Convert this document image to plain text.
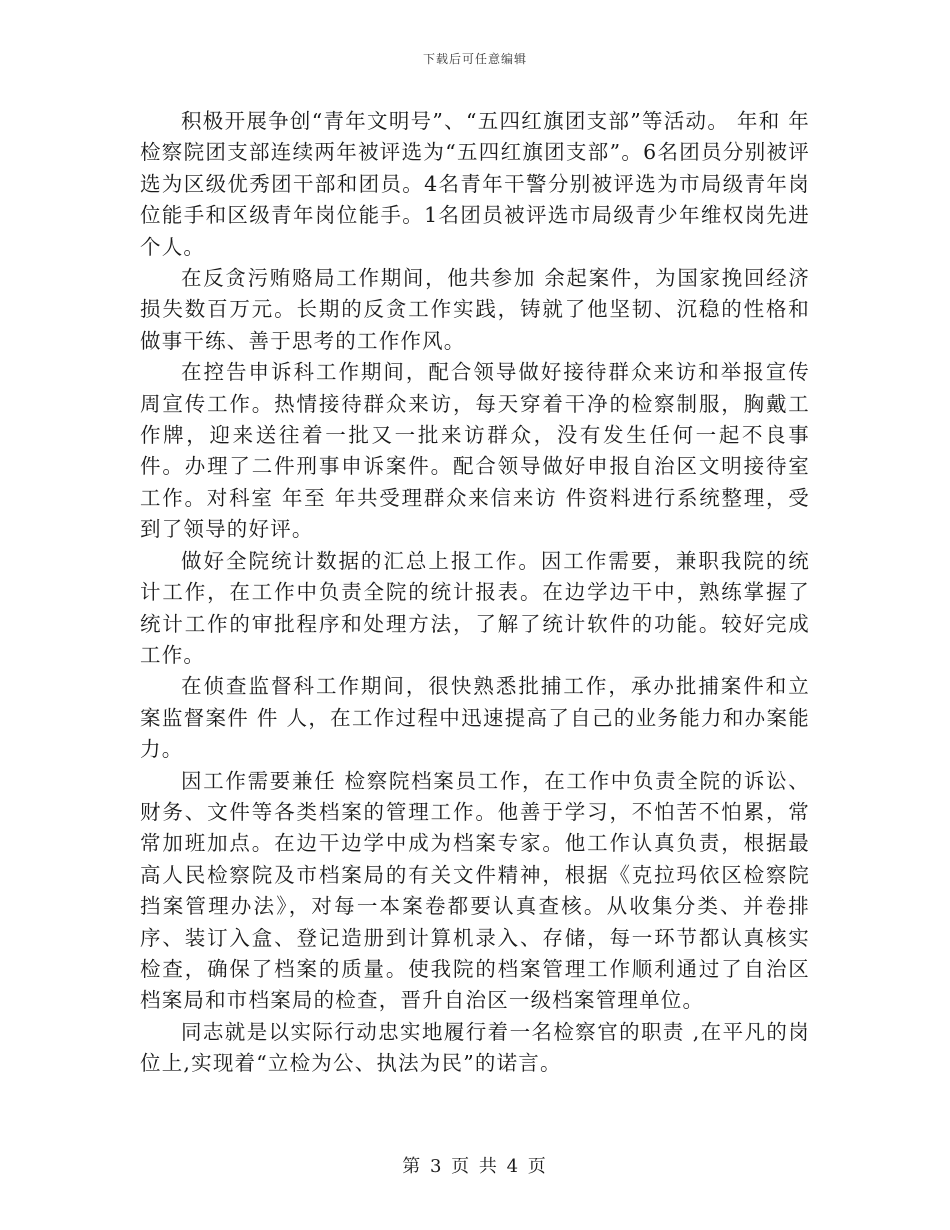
下载后可任意编辑

积极开展争创“青年文明号”、“五四红旗团支部”等活动。 年和 年 检察院团支部连续两年被评选为“五四红旗团支部”。6名团员分别被评选为区级优秀团干部和团员。4名青年干警分别被评选为市局级青年岗位能手和区级青年岗位能手。1名团员被评选市局级青少年维权岗先进个人。

在反贪污贿赂局工作期间，他共参加 余起案件，为国家挽回经济损失数百万元。长期的反贪工作实践，铸就了他坚韧、沉稳的性格和做事干练、善于思考的工作作风。

在控告申诉科工作期间，配合领导做好接待群众来访和举报宣传周宣传工作。热情接待群众来访，每天穿着干净的检察制服，胸戴工作牌，迎来送往着一批又一批来访群众，没有发生任何一起不良事件。办理了二件刑事申诉案件。配合领导做好申报自治区文明接待室工作。对科室 年至 年共受理群众来信来访 件资料进行系统整理，受到了领导的好评。

做好全院统计数据的汇总上报工作。因工作需要，兼职我院的统计工作，在工作中负责全院的统计报表。在边学边干中，熟练掌握了统计工作的审批程序和处理方法，了解了统计软件的功能。较好完成工作。

在侦查监督科工作期间，很快熟悉批捕工作，承办批捕案件和立案监督案件 件 人，在工作过程中迅速提高了自己的业务能力和办案能力。

因工作需要兼任 检察院档案员工作，在工作中负责全院的诉讼、财务、文件等各类档案的管理工作。他善于学习，不怕苦不怕累，常常加班加点。在边干边学中成为档案专家。他工作认真负责，根据最高人民检察院及市档案局的有关文件精神，根据《克拉玛依区检察院挡案管理办法》，对每一本案卷都要认真查核。从收集分类、并卷排序、装订入盒、登记造册到计算机录入、存储，每一环节都认真核实检查，确保了档案的质量。使我院的档案管理工作顺利通过了自治区档案局和市档案局的检查，晋升自治区一级档案管理单位。

同志就是以实际行动忠实地履行着一名检察官的职责 ,在平凡的岗位上,实现着“立检为公、执法为民”的诺言。

第 3 页 共 4 页
